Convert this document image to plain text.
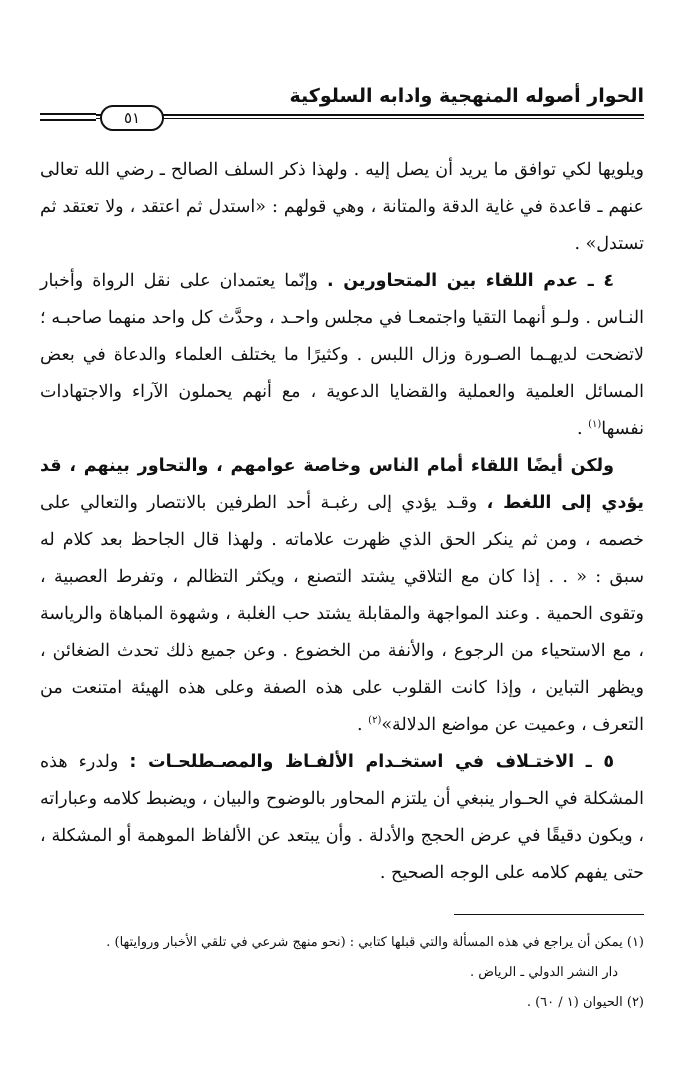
الحوار أصوله المنهجية وادابه السلوكية
٥١

ويلويها لكي توافق ما يريد أن يصل إليه . ولهذا ذكر السلف الصالح ـ رضي الله تعالى عنهم ـ قاعدة في غاية الدقة والمتانة ، وهي قولهم : «استدل ثم اعتقد ، ولا تعتقد ثم تستدل» .

٤ ـ عدم اللقاء بين المتحاورين . وإنّما يعتمدان على نقل الرواة وأخبار النـاس . ولـو أنهما التقيا واجتمعـا في مجلس واحـد ، وحدَّث كل واحد منهما صاحبـه ؛ لاتضحت لديهـما الصـورة وزال اللبس . وكثيرًا ما يختلف العلماء والدعاة في بعض المسائل العلمية والعملية والقضايا الدعوية ، مع أنهم يحملون الآراء والاجتهادات نفسها$^{(١)}$ .

ولكن أيضًا اللقاء أمام الناس وخاصة عوامهم ، والتحاور بينهم ، قد يؤدي إلى اللغط ، وقـد يؤدي إلى رغبـة أحد الطرفين بالانتصار والتعالي على خصمه ، ومن ثم ينكر الحق الذي ظهرت علاماته . ولهذا قال الجاحظ بعد كلام له سبق : « . . إذا كان مع التلاقي يشتد التصنع ، ويكثر التظالم ، وتفرط العصبية ، وتقوى الحمية . وعند المواجهة والمقابلة يشتد حب الغلبة ، وشهوة المباهاة والرياسة ، مع الاستحياء من الرجوع ، والأنفة من الخضوع . وعن جميع ذلك تحدث الضغائن ، ويظهر التباين ، وإذا كانت القلوب على هذه الصفة وعلى هذه الهيئة امتنعت من التعرف ، وعميت عن مواضع الدلالة»$^{(٢)}$ .

٥ ـ الاختـلاف في استخـدام الألفـاظ والمصـطلحـات : ولدرء هذه المشكلة في الحـوار ينبغي أن يلتزم المحاور بالوضوح والبيان ، ويضبط كلامه وعباراته ، ويكون دقيقًا في عرض الحجج والأدلة . وأن يبتعد عن الألفاظ الموهمة أو المشكلة ، حتى يفهم كلامه على الوجه الصحيح .

(١) يمكن أن يراجع في هذه المسألة والتي قبلها كتابي : (نحو منهج شرعي في تلقي الأخبار وروايتها) .

دار النشر الدولي ـ الرياض .

(٢) الحيوان (١ / ٦٠) .
